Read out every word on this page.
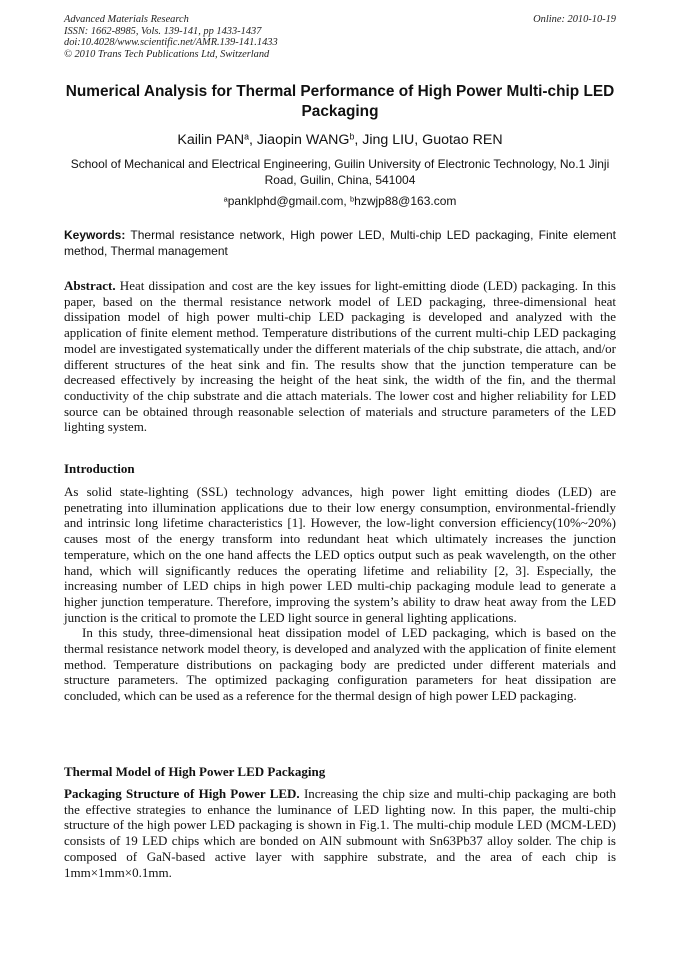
Advanced Materials Research
ISSN: 1662-8985, Vols. 139-141, pp 1433-1437
doi:10.4028/www.scientific.net/AMR.139-141.1433
© 2010 Trans Tech Publications Ltd, Switzerland
Online: 2010-10-19
Numerical Analysis for Thermal Performance of High Power Multi-chip LED Packaging
Kailin PAN$^a$, Jiaopin WANG$^b$, Jing LIU, Guotao REN
School of Mechanical and Electrical Engineering, Guilin University of Electronic Technology, No.1 Jinji Road, Guilin, China, 541004
$^a$panklphd@gmail.com, $^b$hzwjp88@163.com
Keywords: Thermal resistance network, High power LED, Multi-chip LED packaging, Finite element method, Thermal management
Abstract. Heat dissipation and cost are the key issues for light-emitting diode (LED) packaging. In this paper, based on the thermal resistance network model of LED packaging, three-dimensional heat dissipation model of high power multi-chip LED packaging is developed and analyzed with the application of finite element method. Temperature distributions of the current multi-chip LED packaging model are investigated systematically under the different materials of the chip substrate, die attach, and/or different structures of the heat sink and fin. The results show that the junction temperature can be decreased effectively by increasing the height of the heat sink, the width of the fin, and the thermal conductivity of the chip substrate and die attach materials. The lower cost and higher reliability for LED source can be obtained through reasonable selection of materials and structure parameters of the LED lighting system.
Introduction

As solid state-lighting (SSL) technology advances, high power light emitting diodes (LED) are penetrating into illumination applications due to their low energy consumption, environmental-friendly and intrinsic long lifetime characteristics [1]. However, the low-light conversion efficiency(10%~20%) causes most of the energy transform into redundant heat which ultimately increases the junction temperature, which on the one hand affects the LED optics output such as peak wavelength, on the other hand, which will significantly reduces the operating lifetime and reliability [2, 3]. Especially, the increasing number of LED chips in high power LED multi-chip packaging module lead to generate a higher junction temperature. Therefore, improving the system’s ability to draw heat away from the LED junction is the critical to promote the LED light source in general lighting applications.

In this study, three-dimensional heat dissipation model of LED packaging, which is based on the thermal resistance network model theory, is developed and analyzed with the application of finite element method. Temperature distributions on packaging body are predicted under different materials and structure parameters. The optimized packaging configuration parameters for heat dissipation are concluded, which can be used as a reference for the thermal design of high power LED packaging.

Thermal Model of High Power LED Packaging
Packaging Structure of High Power LED. Increasing the chip size and multi-chip packaging are both the effective strategies to enhance the luminance of LED lighting now. In this paper, the multi-chip structure of the high power LED packaging is shown in Fig.1. The multi-chip module LED (MCM-LED) consists of 19 LED chips which are bonded on AlN submount with Sn63Pb37 alloy solder. The chip is composed of GaN-based active layer with sapphire substrate, and the area of each chip is 1mm×1mm×0.1mm.
